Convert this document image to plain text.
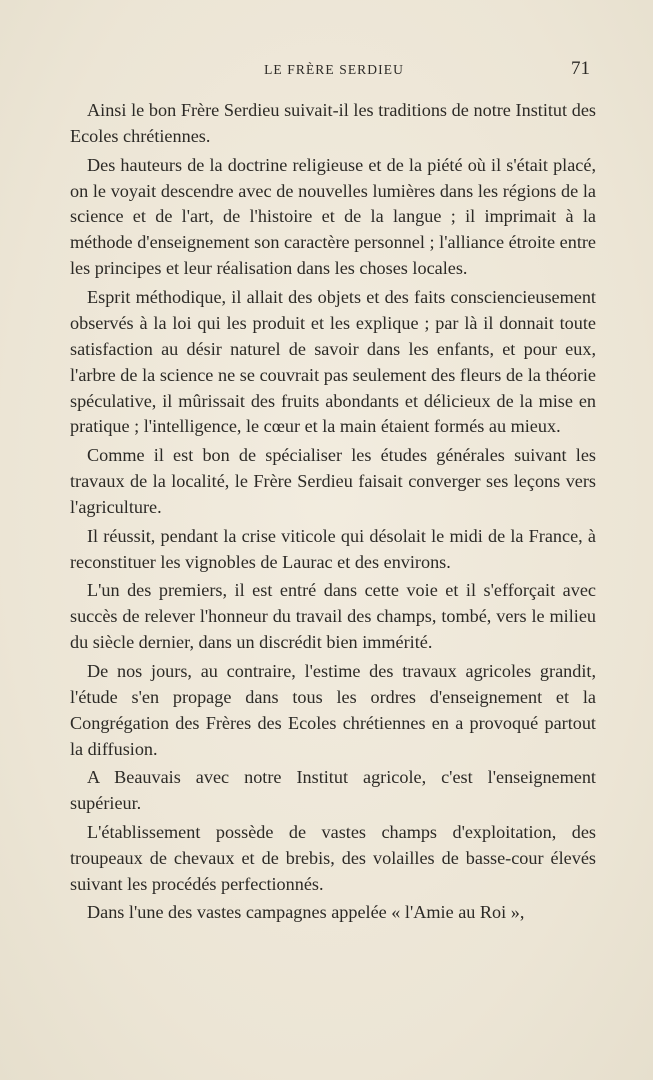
LE FRÈRE SERDIEU	71

Ainsi le bon Frère Serdieu suivait-il les traditions de notre Institut des Ecoles chrétiennes.

Des hauteurs de la doctrine religieuse et de la piété où il s'était placé, on le voyait descendre avec de nouvelles lumières dans les régions de la science et de l'art, de l'histoire et de la langue ; il imprimait à la méthode d'enseignement son caractère personnel ; l'alliance étroite entre les principes et leur réalisation dans les choses locales.

Esprit méthodique, il allait des objets et des faits consciencieusement observés à la loi qui les produit et les explique ; par là il donnait toute satisfaction au désir naturel de savoir dans les enfants, et pour eux, l'arbre de la science ne se couvrait pas seulement des fleurs de la théorie spéculative, il mûrissait des fruits abondants et délicieux de la mise en pratique ; l'intelligence, le cœur et la main étaient formés au mieux.

Comme il est bon de spécialiser les études générales suivant les travaux de la localité, le Frère Serdieu faisait converger ses leçons vers l'agriculture.

Il réussit, pendant la crise viticole qui désolait le midi de la France, à reconstituer les vignobles de Laurac et des environs.

L'un des premiers, il est entré dans cette voie et il s'efforçait avec succès de relever l'honneur du travail des champs, tombé, vers le milieu du siècle dernier, dans un discrédit bien immérité.

De nos jours, au contraire, l'estime des travaux agricoles grandit, l'étude s'en propage dans tous les ordres d'enseignement et la Congrégation des Frères des Ecoles chrétiennes en a provoqué partout la diffusion.

A Beauvais avec notre Institut agricole, c'est l'enseignement supérieur.

L'établissement possède de vastes champs d'exploitation, des troupeaux de chevaux et de brebis, des volailles de basse-cour élevés suivant les procédés perfectionnés.

Dans l'une des vastes campagnes appelée « l'Amie au Roi »,
